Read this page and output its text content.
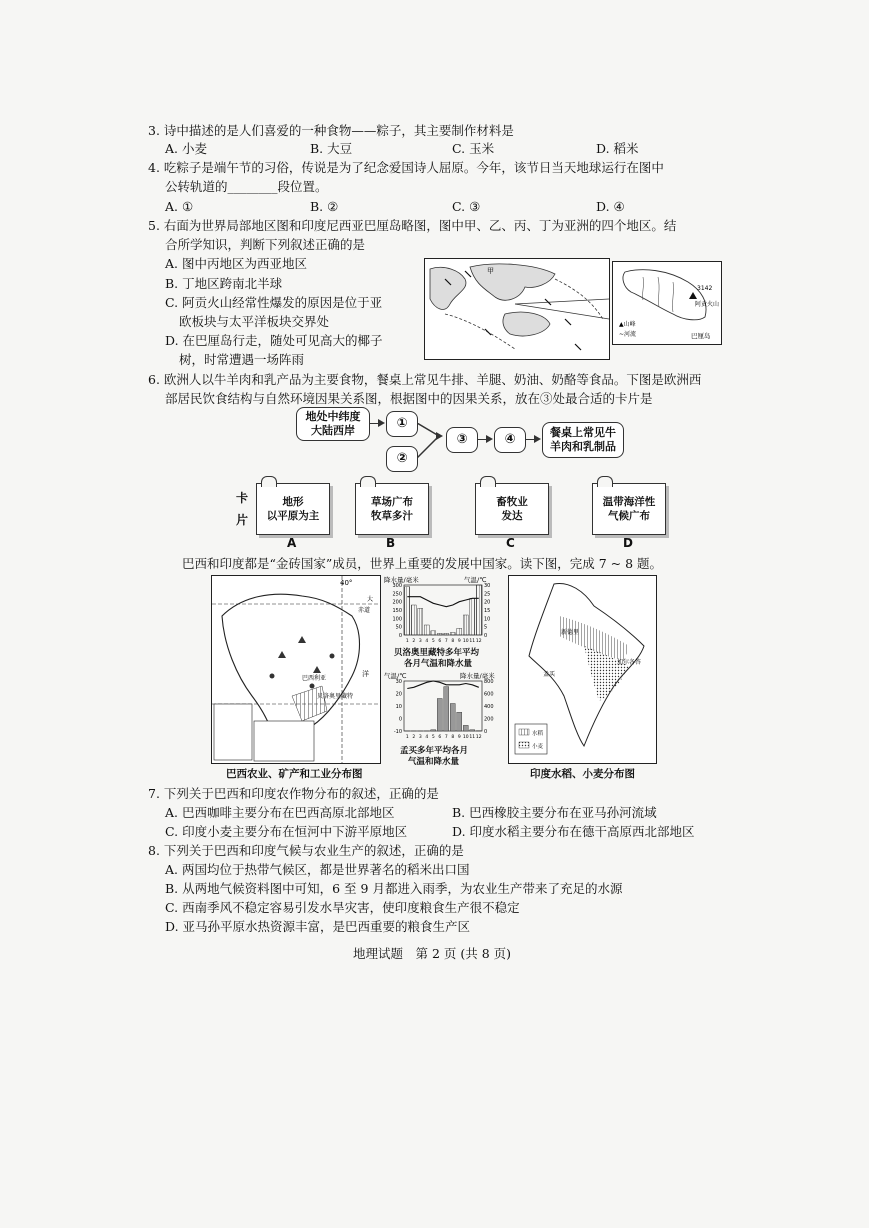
3. 诗中描述的是人们喜爱的一种食物——粽子，其主要制作材料是
A. 小麦	B. 大豆	C. 玉米	D. 稻米
4. 吃粽子是端午节的习俗，传说是为了纪念爱国诗人屈原。今年，该节日当天地球运行在图中
公转轨道的________段位置。
A. ①	B. ②	C. ③	D. ④
5. 右面为世界局部地区图和印度尼西亚巴厘岛略图，图中甲、乙、丙、丁为亚洲的四个地区。结
合所学知识，判断下列叙述正确的是
A. 图中丙地区为西亚地区
B. 丁地区跨南北半球
C. 阿贡火山经常性爆发的原因是位于亚
欧板块与太平洋板块交界处
D. 在巴厘岛行走，随处可见高大的椰子
树，时常遭遇一场阵雨
甲
3142
阿贡火山
▲山峰
~河流	巴厘岛
6. 欧洲人以牛羊肉和乳产品为主要食物，餐桌上常见牛排、羊腿、奶油、奶酪等食品。下图是欧洲西
部居民饮食结构与自然环境因果关系图，根据图中的因果关系，放在③处最合适的卡片是
地处中纬度
大陆西岸	①
②
③	④	餐桌上常见牛
羊肉和乳制品
卡
片
地形
以平原为主
草场广布
牧草多汁
畜牧业
发达
温带海洋性
气候广布
A	B	C	D
巴西和印度都是“金砖国家”成员，世界上重要的发展中国家。读下图，完成 7 ~ 8 题。
40°
赤道
大
洋
巴西利亚
贝洛奥里藏特
巴西农业、矿产和工业分布图
降水量/毫米	气温/℃
300
250
200
150
100
50
0
30
25
20
15
10
5
0
1 2 3 4 5 6 7 8 9 10 11 12
贝洛奥里藏特多年平均
各月气温和降水量
气温/℃	降水量/毫米
30
20
10
0
-10
800
600
400
200
0
1 2 3 4 5 6 7 8 9 10 11 12
孟买多年平均各月
气温和降水量
水稻
小麦
新德里
加尔各答
孟买
印度水稻、小麦分布图
7. 下列关于巴西和印度农作物分布的叙述，正确的是
A. 巴西咖啡主要分布在巴西高原北部地区	B. 巴西橡胶主要分布在亚马孙河流域
C. 印度小麦主要分布在恒河中下游平原地区	D. 印度水稻主要分布在德干高原西北部地区
8. 下列关于巴西和印度气候与农业生产的叙述，正确的是
A. 两国均位于热带气候区，都是世界著名的稻米出口国
B. 从两地气候资料图中可知，6 至 9 月都进入雨季，为农业生产带来了充足的水源
C. 西南季风不稳定容易引发水旱灾害，使印度粮食生产很不稳定
D. 亚马孙平原水热资源丰富，是巴西重要的粮食生产区
地理试题　第 2 页 (共 8 页)
